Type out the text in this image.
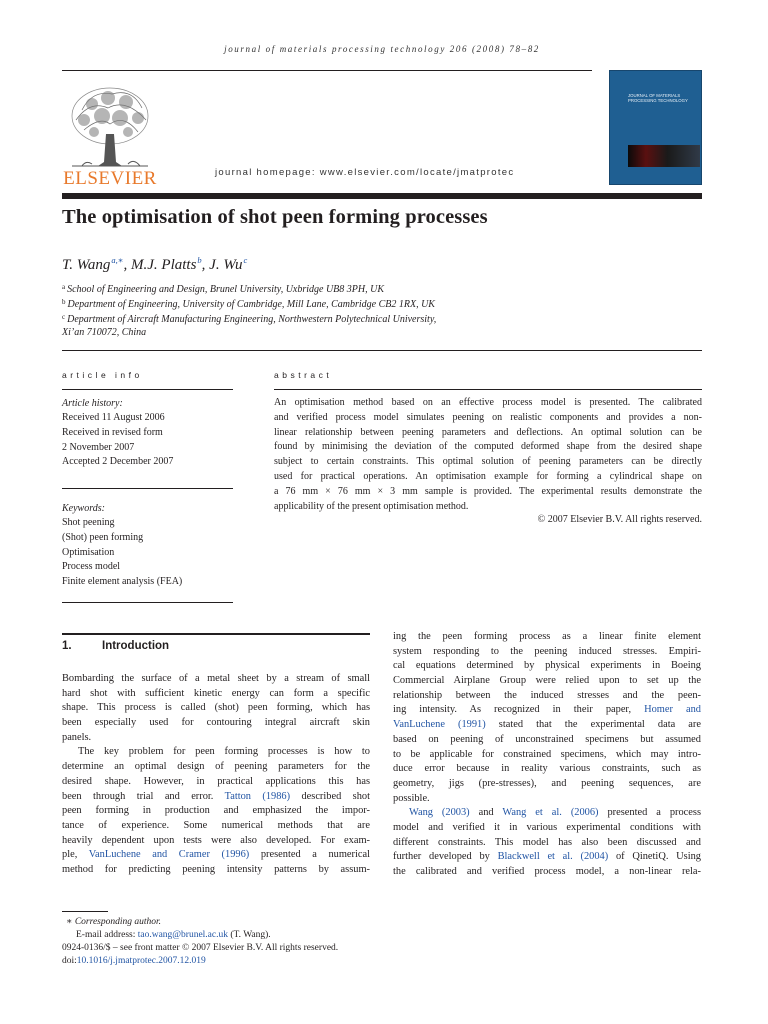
journal of materials processing technology 206 (2008) 78–82
ELSEVIER	journal homepage: www.elsevier.com/locate/jmatprotec
JOURNAL OF MATERIALS PROCESSING TECHNOLOGY
The optimisation of shot peen forming processes
T. Wang$^{a,∗}$, M.J. Platts$^b$, J. Wu$^c$
$^a$ School of Engineering and Design, Brunel University, Uxbridge UB8 3PH, UK
$^b$ Department of Engineering, University of Cambridge, Mill Lane, Cambridge CB2 1RX, UK
$^c$ Department of Aircraft Manufacturing Engineering, Northwestern Polytechnical University,
Xi’an 710072, China
article info
Article history:
Received 11 August 2006
Received in revised form
2 November 2007
Accepted 2 December 2007
Keywords:
Shot peening
(Shot) peen forming
Optimisation
Process model
Finite element analysis (FEA)
abstract
An optimisation method based on an effective process model is presented. The calibrated
and verified process model simulates peening on realistic components and provides a non-
linear relationship between peening parameters and deflections. An optimal solution can be
found by minimising the deviation of the computed deformed shape from the desired shape
subject to certain constraints. This optimal solution of peening parameters can be directly
used for practical operations. An optimisation example for forming a cylindrical shape on
a 76 mm × 76 mm × 3 mm sample is provided. The experimental results demonstrate the
applicability of the present optimisation method.
© 2007 Elsevier B.V. All rights reserved.
1.	Introduction
Bombarding the surface of a metal sheet by a stream of small
hard shot with sufficient kinetic energy can form a specific
shape. This process is called (shot) peen forming, which has
been especially used for contouring integral aircraft skin
panels.
The key problem for peen forming processes is how to
determine an optimal design of peening parameters for the
desired shape. However, in practical applications this has
been through trial and error. Tatton (1986) described shot
peen forming in production and emphasized the impor-
tance of experience. Some numerical methods that are
heavily dependent upon tests were also developed. For exam-
ple, VanLuchene and Cramer (1996) presented a numerical
method for predicting peening intensity patterns by assum-
ing the peen forming process as a linear finite element
system responding to the peening induced stresses. Empiri-
cal equations determined by physical experiments in Boeing
Commercial Airplane Group were relied upon to set up the
relationship between the induced stresses and the peen-
ing intensity. As recognized in their paper, Homer and
VanLuchene (1991) stated that the experimental data are
based on peening of unconstrained specimens but assumed
to be applicable for constrained specimens, which may intro-
duce error because in reality various constraints, such as
geometry, jigs (pre-stresses), and peening sequences, are
possible.
Wang (2003) and Wang et al. (2006) presented a process
model and verified it in various experimental conditions with
different constraints. This model has also been discussed and
further developed by Blackwell et al. (2004) of QinetiQ. Using
the calibrated and verified process model, a non-linear rela-
∗ Corresponding author.
E-mail address: tao.wang@brunel.ac.uk (T. Wang).
0924-0136/$ – see front matter © 2007 Elsevier B.V. All rights reserved.
doi:10.1016/j.jmatprotec.2007.12.019
